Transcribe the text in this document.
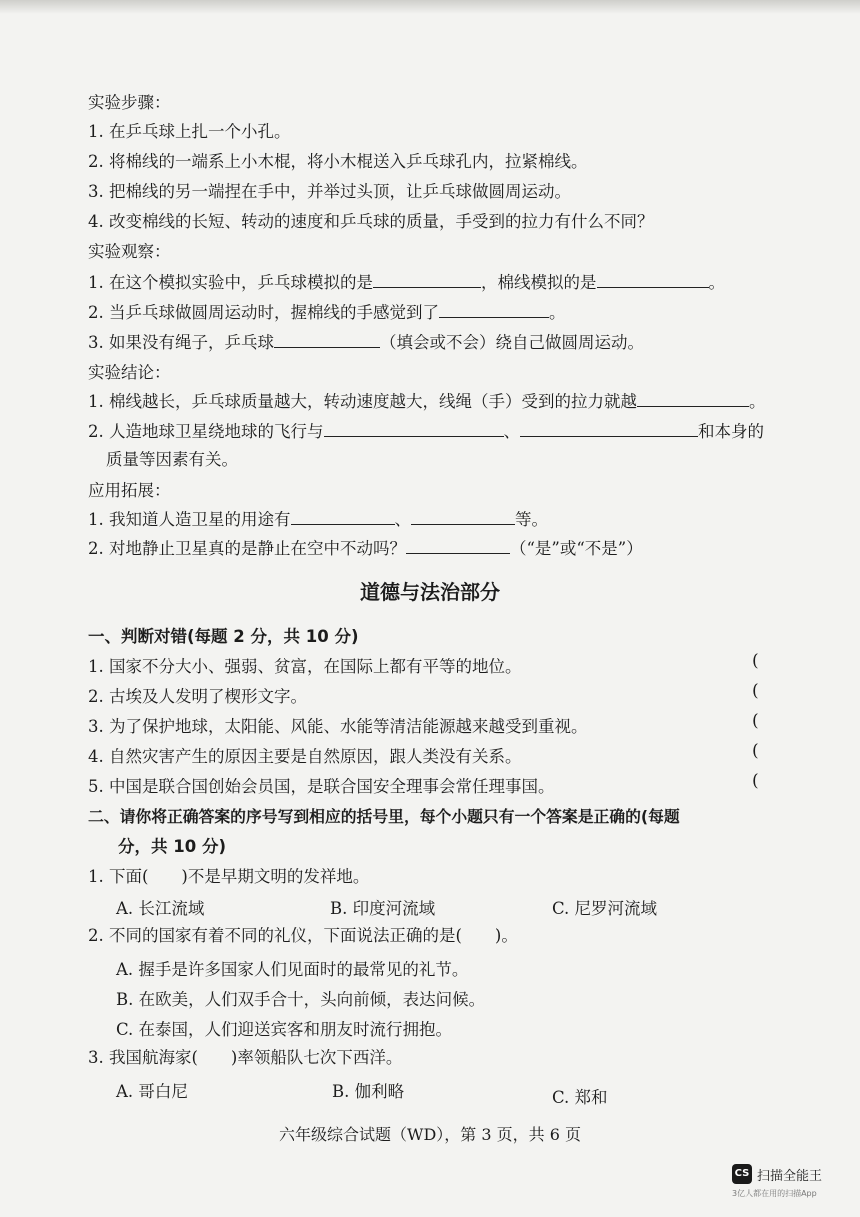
实验步骤：
1. 在乒乓球上扎一个小孔。
2. 将棉线的一端系上小木棍，将小木棍送入乒乓球孔内，拉紧棉线。
3. 把棉线的另一端捏在手中，并举过头顶，让乒乓球做圆周运动。
4. 改变棉线的长短、转动的速度和乒乓球的质量，手受到的拉力有什么不同？
实验观察：
1. 在这个模拟实验中，乒乓球模拟的是	，棉线模拟的是	。
2. 当乒乓球做圆周运动时，握棉线的手感觉到了	。
3. 如果没有绳子，乒乓球	（填会或不会）绕自己做圆周运动。
实验结论：
1. 棉线越长，乒乓球质量越大，转动速度越大，线绳（手）受到的拉力就越	。
2. 人造地球卫星绕地球的飞行与	、	和本身的
质量等因素有关。
应用拓展：
1. 我知道人造卫星的用途有	、	等。
2. 对地静止卫星真的是静止在空中不动吗？	（“是”或“不是”）
道德与法治部分
一、判断对错(每题 2 分，共 10 分)
1. 国家不分大小、强弱、贫富，在国际上都有平等的地位。	(
2. 古埃及人发明了楔形文字。	(
3. 为了保护地球，太阳能、风能、水能等清洁能源越来越受到重视。	(
4. 自然灾害产生的原因主要是自然原因，跟人类没有关系。	(
5. 中国是联合国创始会员国，是联合国安全理事会常任理事国。	(
二、请你将正确答案的序号写到相应的括号里，每个小题只有一个答案是正确的(每题
分，共 10 分)
1. 下面(　　)不是早期文明的发祥地。
A. 长江流域	B. 印度河流域	C. 尼罗河流域
2. 不同的国家有着不同的礼仪，下面说法正确的是(　　)。
A. 握手是许多国家人们见面时的最常见的礼节。
B. 在欧美，人们双手合十，头向前倾，表达问候。
C. 在泰国，人们迎送宾客和朋友时流行拥抱。
3. 我国航海家(　　)率领船队七次下西洋。
A. 哥白尼	B. 伽利略	C. 郑和
六年级综合试题（WD），第 3 页，共 6 页
CS 扫描全能王
3亿人都在用的扫描App
